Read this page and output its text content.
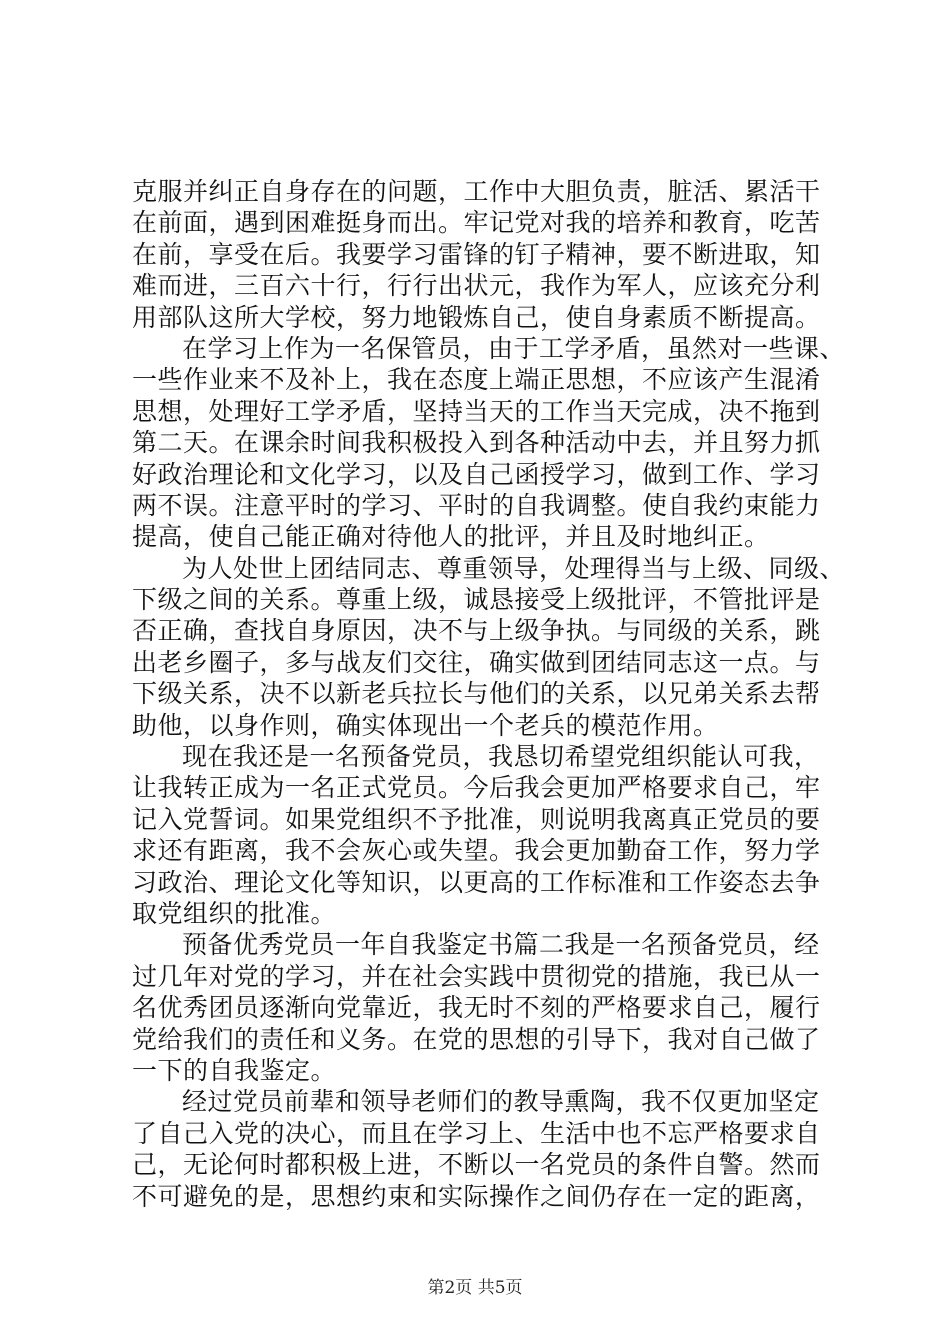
克服并纠正自身存在的问题，工作中大胆负责，脏活、累活干
在前面，遇到困难挺身而出。牢记党对我的培养和教育，吃苦
在前，享受在后。我要学习雷锋的钉子精神，要不断进取，知
难而进，三百六十行，行行出状元，我作为军人，应该充分利
用部队这所大学校，努力地锻炼自己，使自身素质不断提高。
在学习上作为一名保管员，由于工学矛盾，虽然对一些课、
一些作业来不及补上，我在态度上端正思想，不应该产生混淆
思想，处理好工学矛盾，坚持当天的工作当天完成，决不拖到
第二天。在课余时间我积极投入到各种活动中去，并且努力抓
好政治理论和文化学习，以及自己函授学习，做到工作、学习
两不误。注意平时的学习、平时的自我调整。使自我约束能力
提高，使自己能正确对待他人的批评，并且及时地纠正。
为人处世上团结同志、尊重领导，处理得当与上级、同级、
下级之间的关系。尊重上级，诚恳接受上级批评，不管批评是
否正确，查找自身原因，决不与上级争执。与同级的关系，跳
出老乡圈子，多与战友们交往，确实做到团结同志这一点。与
下级关系，决不以新老兵拉长与他们的关系，以兄弟关系去帮
助他，以身作则，确实体现出一个老兵的模范作用。
现在我还是一名预备党员，我恳切希望党组织能认可我，
让我转正成为一名正式党员。今后我会更加严格要求自己，牢
记入党誓词。如果党组织不予批准，则说明我离真正党员的要
求还有距离，我不会灰心或失望。我会更加勤奋工作，努力学
习政治、理论文化等知识，以更高的工作标准和工作姿态去争
取党组织的批准。
预备优秀党员一年自我鉴定书篇二我是一名预备党员，经
过几年对党的学习，并在社会实践中贯彻党的措施，我已从一
名优秀团员逐渐向党靠近，我无时不刻的严格要求自己，履行
党给我们的责任和义务。在党的思想的引导下，我对自己做了
一下的自我鉴定。
经过党员前辈和领导老师们的教导熏陶，我不仅更加坚定
了自己入党的决心，而且在学习上、生活中也不忘严格要求自
己，无论何时都积极上进，不断以一名党员的条件自警。然而
不可避免的是，思想约束和实际操作之间仍存在一定的距离，
第2页 共5页
